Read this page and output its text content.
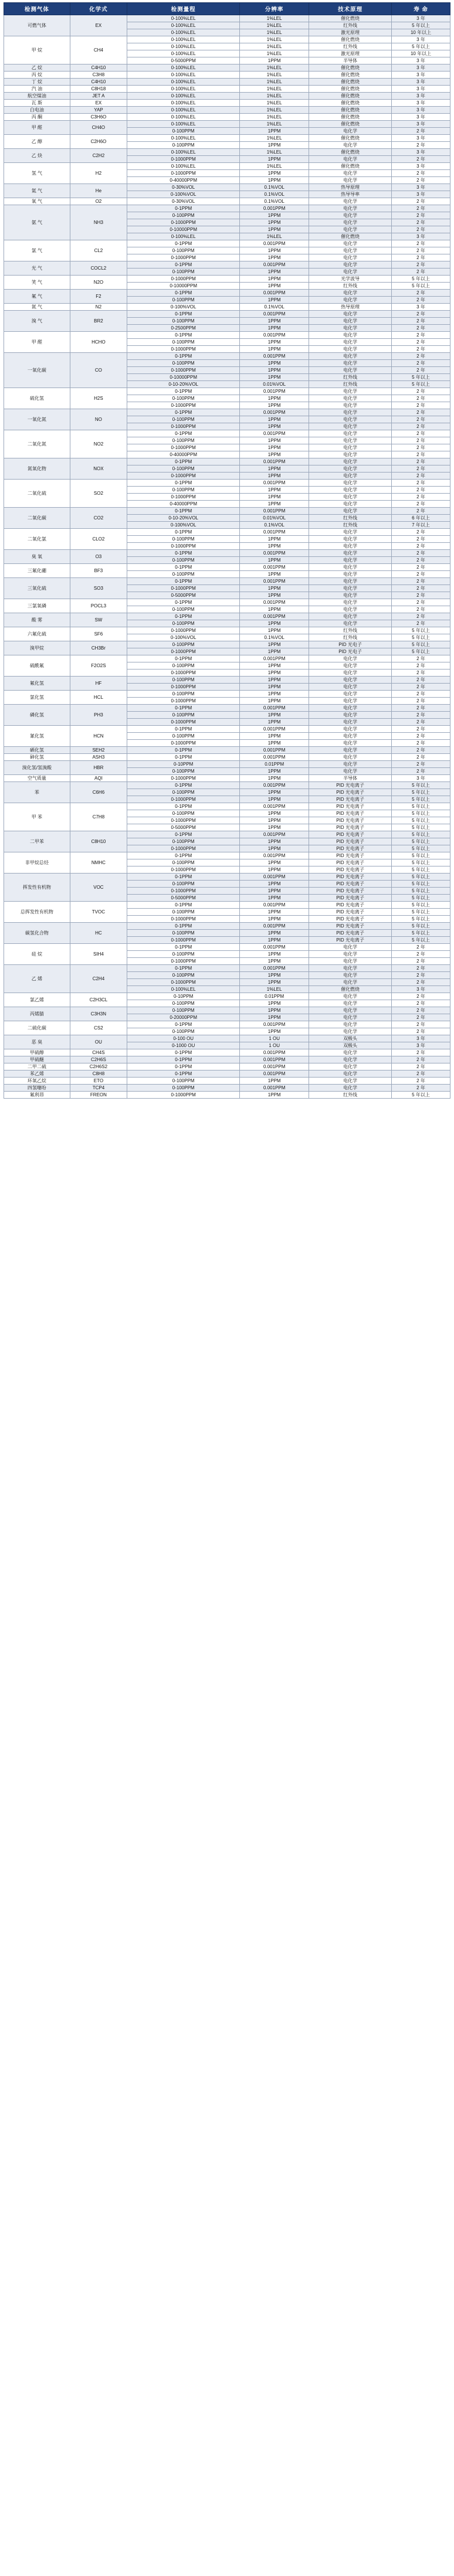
检测气体	化学式	检测量程	分辨率	技术原理	寿 命
可燃气体	EX	0-100%LEL	1%LEL	催化燃烧	3 年
		0-100%LEL	1%LEL	红外线	5 年以上
		0-100%LEL	1%LEL	激光原理	10 年以上
甲 烷	CH4	0-100%LEL	1%LEL	催化燃烧	3 年
		0-100%LEL	1%LEL	红外线	5 年以上
		0-100%LEL	1%LEL	激光原理	10 年以上
		0-5000PPM	1PPM	半导体	3 年
乙 烷	C4H10	0-100%LEL	1%LEL	催化燃烧	3 年
丙 烷	C3H8	0-100%LEL	1%LEL	催化燃烧	3 年
丁 烷	C4H10	0-100%LEL	1%LEL	催化燃烧	3 年
汽 油	C8H18	0-100%LEL	1%LEL	催化燃烧	3 年
航空煤油	JET A	0-100%LEL	1%LEL	催化燃烧	3 年
瓦 斯	EX	0-100%LEL	1%LEL	催化燃烧	3 年
白电油	YAP	0-100%LEL	1%LEL	催化燃烧	3 年
丙 酮	C3H6O	0-100%LEL	1%LEL	催化燃烧	3 年
甲 醛	CH4O	0-100%LEL	1%LEL	催化燃烧	3 年
		0-100PPM	1PPM	电化学	2 年
乙 醇	C2H6O	0-100%LEL	1%LEL	催化燃烧	3 年
		0-100PPM	1PPM	电化学	2 年
乙 炔	C2H2	0-100%LEL	1%LEL	催化燃烧	3 年
		0-1000PPM	1PPM	电化学	2 年
氢 气	H2	0-100%LEL	1%LEL	催化燃烧	3 年
		0-1000PPM	1PPM	电化学	2 年
		0-40000PPM	1PPM	电化学	2 年
氦 气	He	0-30%VOL	0.1%VOL	热导原理	3 年
		0-100%VOL	0.1%VOL	热导导率	3 年
氧 气	O2	0-30%VOL	0.1%VOL	电化学	2 年
氨 气	NH3	0-1PPM	0.001PPM	电化学	2 年
		0-100PPM	1PPM	电化学	2 年
		0-1000PPM	1PPM	电化学	2 年
		0-10000PPM	1PPM	电化学	2 年
		0-100%LEL	1%LEL	催化燃烧	3 年
氯 气	CL2	0-1PPM	0.001PPM	电化学	2 年
		0-100PPM	1PPM	电化学	2 年
		0-1000PPM	1PPM	电化学	2 年
光 气	COCL2	0-1PPM	0.001PPM	电化学	2 年
		0-100PPM	1PPM	电化学	2 年
笑 气	N2O	0-1000PPM	1PPM	光学波导	5 年以上
		0-10000PPM	1PPM	红外线	5 年以上
氟 气	F2	0-1PPM	0.001PPM	电化学	2 年
		0-100PPM	1PPM	电化学	2 年
氮 气	N2	0-100%VOL	0.1%VOL	热导原理	3 年
溴 气	BR2	0-1PPM	0.001PPM	电化学	2 年
		0-100PPM	1PPM	电化学	2 年
		0-2500PPM	1PPM	电化学	2 年
甲 醛	HCHO	0-1PPM	0.001PPM	电化学	2 年
		0-100PPM	1PPM	电化学	2 年
		0-1000PPM	1PPM	电化学	2 年
一氧化碳	CO	0-1PPM	0.001PPM	电化学	2 年
		0-100PPM	1PPM	电化学	2 年
		0-1000PPM	1PPM	电化学	2 年
		0-10000PPM	1PPM	红外线	5 年以上
		0-10-20%VOL	0.01%VOL	红外线	5 年以上
硫化氢	H2S	0-1PPM	0.001PPM	电化学	2 年
		0-100PPM	1PPM	电化学	2 年
		0-1000PPM	1PPM	电化学	2 年
一氧化氮	NO	0-1PPM	0.001PPM	电化学	2 年
		0-100PPM	1PPM	电化学	2 年
		0-1000PPM	1PPM	电化学	2 年
二氧化氮	NO2	0-1PPM	0.001PPM	电化学	2 年
		0-100PPM	1PPM	电化学	2 年
		0-1000PPM	1PPM	电化学	2 年
		0-40000PPM	1PPM	电化学	2 年
氮氧化物	NOX	0-1PPM	0.001PPM	电化学	2 年
		0-100PPM	1PPM	电化学	2 年
		0-1000PPM	1PPM	电化学	2 年
二氧化硫	SO2	0-1PPM	0.001PPM	电化学	2 年
		0-100PPM	1PPM	电化学	2 年
		0-1000PPM	1PPM	电化学	2 年
		0-40000PPM	1PPM	电化学	2 年
二氧化碳	CO2	0-1PPM	0.001PPM	电化学	2 年
		0-10-20%VOL	0.01%VOL	红外线	6 年以上
		0-100%VOL	0.1%VOL	红外线	7 年以上
二氧化氯	CLO2	0-1PPM	0.001PPM	电化学	2 年
		0-100PPM	1PPM	电化学	2 年
		0-1000PPM	1PPM	电化学	2 年
臭 氧	O3	0-1PPM	0.001PPM	电化学	2 年
		0-100PPM	1PPM	电化学	2 年
三氟化硼	BF3	0-1PPM	0.001PPM	电化学	2 年
		0-100PPM	1PPM	电化学	2 年
三氧化硫	SO3	0-1PPM	0.001PPM	电化学	2 年
		0-1000PPM	1PPM	电化学	2 年
		0-5000PPM	1PPM	电化学	2 年
三氯氧磷	POCL3	0-1PPM	0.001PPM	电化学	2 年
		0-100PPM	1PPM	电化学	2 年
酸 雾	SW	0-1PPM	0.001PPM	电化学	2 年
		0-100PPM	1PPM	电化学	2 年
六氟化硫	SF6	0-1000PPM	1PPM	红外线	5 年以上
		0-100%VOL	0.1%VOL	红外线	5 年以上
溴甲烷	CH3Br	0-100PPM	1PPM	PID 光电子	5 年以上
		0-1000PPM	1PPM	PID 光电子	5 年以上
硫酰氟	F2O2S	0-1PPM	0.001PPM	电化学	2 年
		0-100PPM	1PPM	电化学	2 年
		0-1000PPM	1PPM	电化学	2 年
氟化氢	HF	0-100PPM	1PPM	电化学	2 年
		0-1000PPM	1PPM	电化学	2 年
氯化氢	HCL	0-100PPM	1PPM	电化学	2 年
		0-1000PPM	1PPM	电化学	2 年
磷化氢	PH3	0-1PPM	0.001PPM	电化学	2 年
		0-100PPM	1PPM	电化学	2 年
		0-1000PPM	1PPM	电化学	2 年
氰化氢	HCN	0-1PPM	0.001PPM	电化学	2 年
		0-100PPM	1PPM	电化学	2 年
		0-1000PPM	1PPM	电化学	2 年
硒化氢	SEH2	0-1PPM	0.001PPM	电化学	2 年
砷化氢	ASH3	0-1PPM	0.001PPM	电化学	2 年
溴化氢/氢溴酸	HBR	0-10PPM	0.01PPM	电化学	2 年
		0-100PPM	1PPM	电化学	2 年
空气质量	AQI	0-1000PPM	1PPM	半导体	3 年
苯	C6H6	0-1PPM	0.001PPM	PID 光电离子	5 年以上
		0-100PPM	1PPM	PID 光电离子	5 年以上
		0-1000PPM	1PPM	PID 光电离子	5 年以上
甲 苯	C7H8	0-1PPM	0.001PPM	PID 光电离子	5 年以上
		0-100PPM	1PPM	PID 光电离子	5 年以上
		0-1000PPM	1PPM	PID 光电离子	5 年以上
		0-5000PPM	1PPM	PID 光电离子	5 年以上
二甲苯	C8H10	0-1PPM	0.001PPM	PID 光电离子	5 年以上
		0-100PPM	1PPM	PID 光电离子	5 年以上
		0-1000PPM	1PPM	PID 光电离子	5 年以上
非甲烷总烃	NMHC	0-1PPM	0.001PPM	PID 光电离子	5 年以上
		0-100PPM	1PPM	PID 光电离子	5 年以上
		0-1000PPM	1PPM	PID 光电离子	5 年以上
挥发性有机物	VOC	0-1PPM	0.001PPM	PID 光电离子	5 年以上
		0-100PPM	1PPM	PID 光电离子	5 年以上
		0-1000PPM	1PPM	PID 光电离子	5 年以上
		0-5000PPM	1PPM	PID 光电离子	5 年以上
总挥发性有机物	TVOC	0-1PPM	0.001PPM	PID 光电离子	5 年以上
		0-100PPM	1PPM	PID 光电离子	5 年以上
		0-1000PPM	1PPM	PID 光电离子	5 年以上
碳氢化合物	HC	0-1PPM	0.001PPM	PID 光电离子	5 年以上
		0-100PPM	1PPM	PID 光电离子	5 年以上
		0-1000PPM	1PPM	PID 光电离子	5 年以上
硅 烷	SIH4	0-1PPM	0.001PPM	电化学	2 年
		0-100PPM	1PPM	电化学	2 年
		0-1000PPM	1PPM	电化学	2 年
乙 烯	C2H4	0-1PPM	0.001PPM	电化学	2 年
		0-100PPM	1PPM	电化学	2 年
		0-1000PPM	1PPM	电化学	2 年
		0-100%LEL	1%LEL	催化燃烧	3 年
氯乙烯	C2H3CL	0-10PPM	0.01PPM	电化学	2 年
		0-100PPM	1PPM	电化学	2 年
丙烯腈	C3H3N	0-100PPM	1PPM	电化学	2 年
		0-20000PPM	1PPM	电化学	2 年
二硫化碳	CS2	0-1PPM	0.001PPM	电化学	2 年
		0-100PPM	1PPM	电化学	2 年
恶 臭	OU	0-100 OU	1 OU	双极头	3 年
		0-1000 OU	1 OU	双极头	3 年
甲硫醇	CH4S	0-1PPM	0.001PPM	电化学	2 年
甲硫醚	C2H6S	0-1PPM	0.001PPM	电化学	2 年
二甲二硫	C2H6S2	0-1PPM	0.001PPM	电化学	2 年
苯乙烯	C8H8	0-1PPM	0.001PPM	电化学	2 年
环氧乙烷	ETO	0-100PPM	1PPM	电化学	2 年
四氢噻吩	TCP4	0-100PPM	0.001PPM	电化学	2 年
氟利昂	FREON	0-1000PPM	1PPM	红外线	5 年以上
